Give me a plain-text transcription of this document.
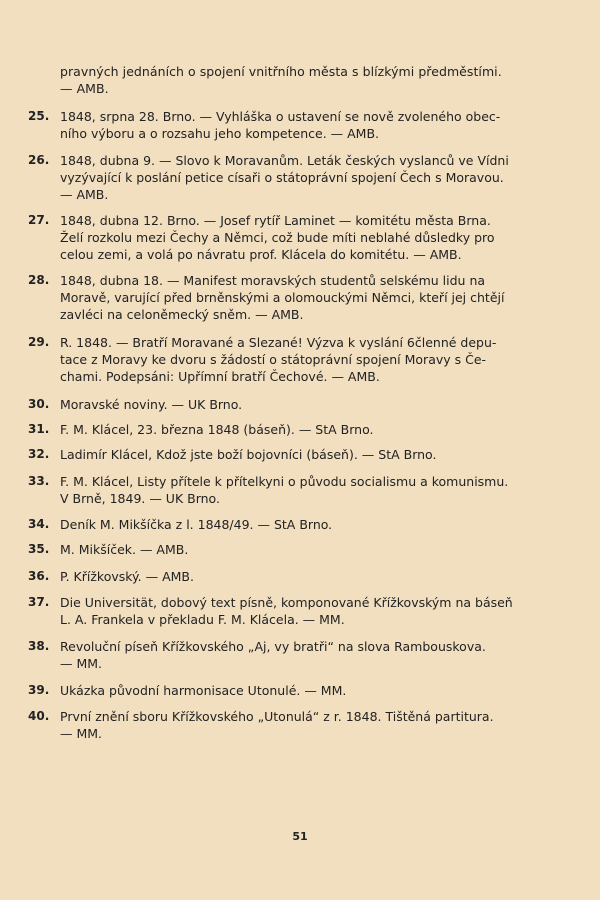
pravných jednáních o spojení vnitřního města s blízkými předměstími.
— AMB.
25. 1848, srpna 28. Brno. — Vyhláška o ustavení se nově zvoleného obec-
ního výboru a o rozsahu jeho kompetence. — AMB.
26. 1848, dubna 9. — Slovo k Moravanům. Leták českých vyslanců ve Vídni
vyzývající k poslání petice císaři o státoprávní spojení Čech s Moravou.
— AMB.
27. 1848, dubna 12. Brno. — Josef rytíř Laminet — komitétu města Brna.
Želí rozkolu mezi Čechy a Němci, což bude míti neblahé důsledky pro
celou zemi, a volá po návratu prof. Klácela do komitétu. — AMB.
28. 1848, dubna 18. — Manifest moravských studentů selskému lidu na
Moravě, varující před brněnskými a olomouckými Němci, kteří jej chtějí
zavléci na celoněmecký sněm. — AMB.
29. R. 1848. — Bratří Moravané a Slezané! Výzva k vyslání 6členné depu-
tace z Moravy ke dvoru s žádostí o státoprávní spojení Moravy s Če-
chami. Podepsáni: Upřímní bratří Čechové. — AMB.
30. Moravské noviny. — UK Brno.
31. F. M. Klácel, 23. března 1848 (báseň). — StA Brno.
32. Ladimír Klácel, Kdož jste boží bojovníci (báseň). — StA Brno.
33. F. M. Klácel, Listy přítele k přítelkyni o původu socialismu a komunismu.
V Brně, 1849. — UK Brno.
34. Deník M. Mikšíčka z l. 1848/49. — StA Brno.
35. M. Mikšíček. — AMB.
36. P. Křížkovský. — AMB.
37. Die Universität, dobový text písně, komponované Křížkovským na báseň
L. A. Frankela v překladu F. M. Klácela. — MM.
38. Revoluční píseň Křížkovského „Aj, vy bratři“ na slova Rambouskova.
— MM.
39. Ukázka původní harmonisace Utonulé. — MM.
40. První znění sboru Křížkovského „Utonulá“ z r. 1848. Tištěná partitura.
— MM.
51
